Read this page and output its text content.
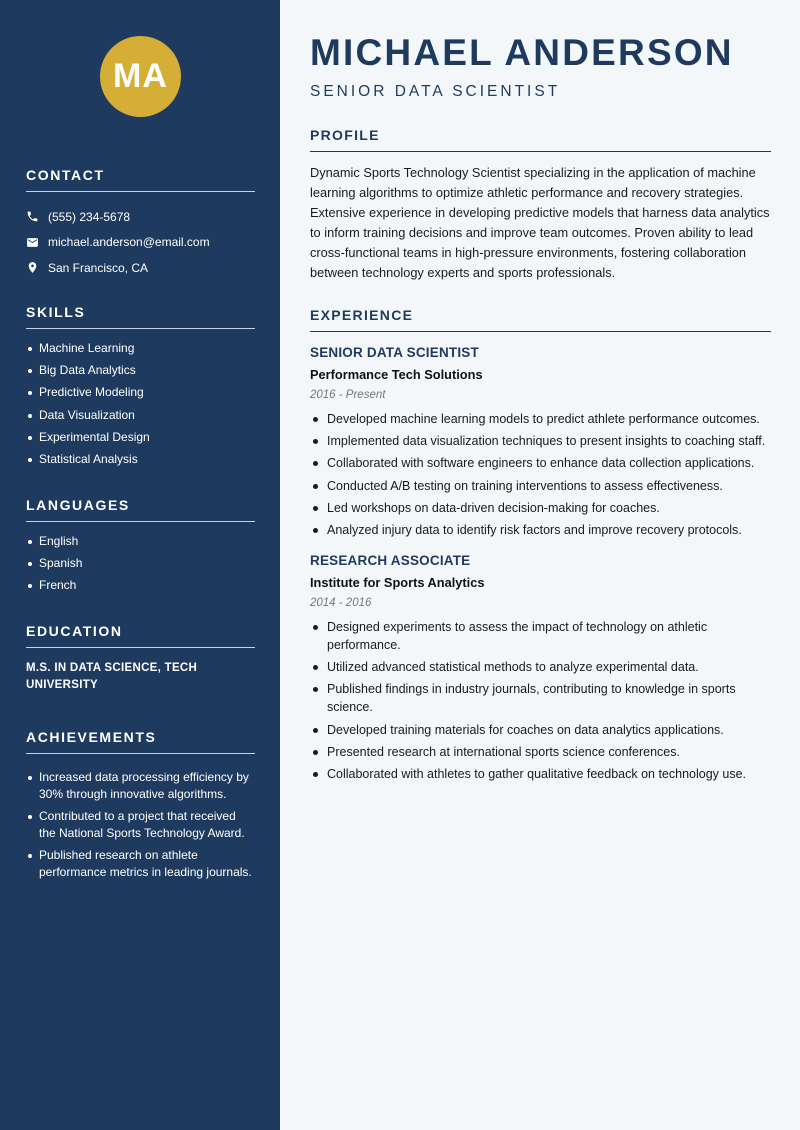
MA
CONTACT
(555) 234-5678
michael.anderson@email.com
San Francisco, CA
SKILLS
Machine Learning
Big Data Analytics
Predictive Modeling
Data Visualization
Experimental Design
Statistical Analysis
LANGUAGES
English
Spanish
French
EDUCATION
M.S. IN DATA SCIENCE, TECH UNIVERSITY
ACHIEVEMENTS
Increased data processing efficiency by 30% through innovative algorithms.
Contributed to a project that received the National Sports Technology Award.
Published research on athlete performance metrics in leading journals.
MICHAEL ANDERSON
SENIOR DATA SCIENTIST
PROFILE

Dynamic Sports Technology Scientist specializing in the application of machine learning algorithms to optimize athletic performance and recovery strategies. Extensive experience in developing predictive models that harness data analytics to inform training decisions and improve team outcomes. Proven ability to lead cross-functional teams in high-pressure environments, fostering collaboration between technology experts and sports professionals.

EXPERIENCE
SENIOR DATA SCIENTIST
Performance Tech Solutions
2016 - Present
Developed machine learning models to predict athlete performance outcomes.
Implemented data visualization techniques to present insights to coaching staff.
Collaborated with software engineers to enhance data collection applications.
Conducted A/B testing on training interventions to assess effectiveness.
Led workshops on data-driven decision-making for coaches.
Analyzed injury data to identify risk factors and improve recovery protocols.
RESEARCH ASSOCIATE
Institute for Sports Analytics
2014 - 2016
Designed experiments to assess the impact of technology on athletic performance.
Utilized advanced statistical methods to analyze experimental data.
Published findings in industry journals, contributing to knowledge in sports science.
Developed training materials for coaches on data analytics applications.
Presented research at international sports science conferences.
Collaborated with athletes to gather qualitative feedback on technology use.
